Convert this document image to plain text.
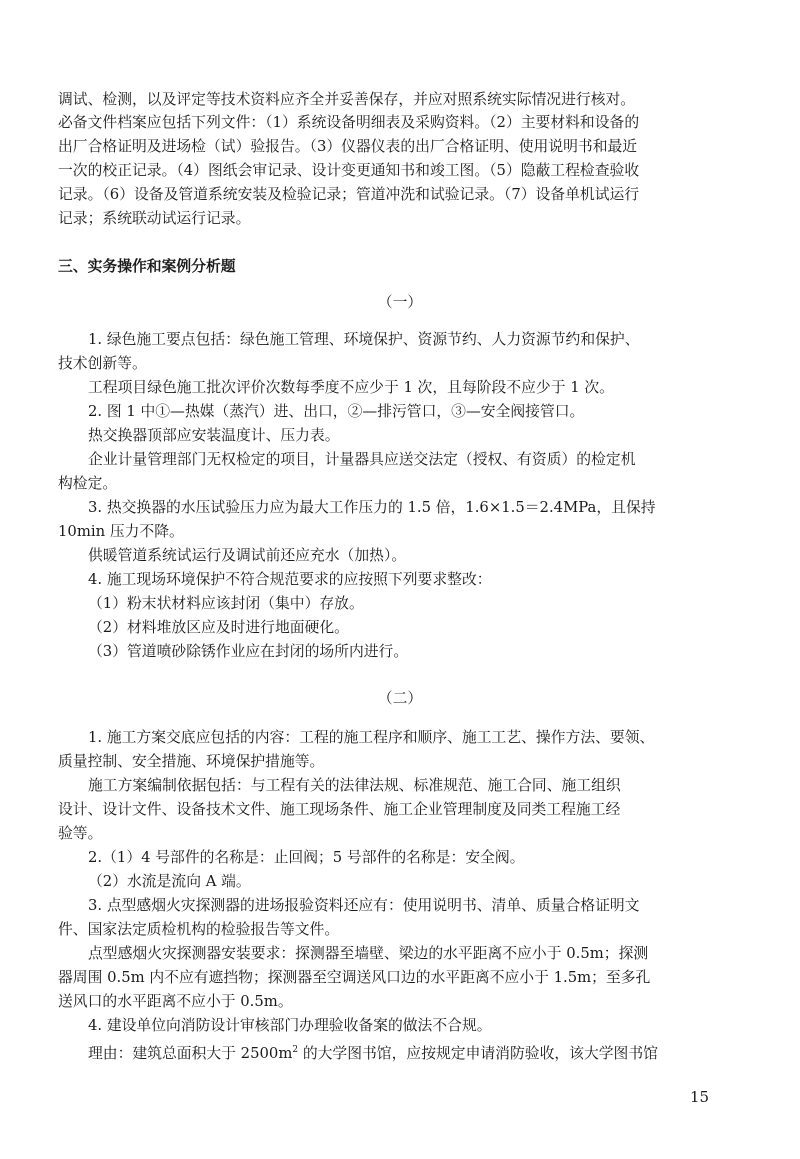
调试、检测，以及评定等技术资料应齐全并妥善保存，并应对照系统实际情况进行核对。
必备文件档案应包括下列文件：（1）系统设备明细表及采购资料。（2）主要材料和设备的
出厂合格证明及进场检（试）验报告。（3）仪器仪表的出厂合格证明、使用说明书和最近
一次的校正记录。（4）图纸会审记录、设计变更通知书和竣工图。（5）隐蔽工程检查验收
记录。（6）设备及管道系统安装及检验记录；管道冲洗和试验记录。（7）设备单机试运行
记录；系统联动试运行记录。
三、实务操作和案例分析题
（一）
1. 绿色施工要点包括：绿色施工管理、环境保护、资源节约、人力资源节约和保护、
技术创新等。
工程项目绿色施工批次评价次数每季度不应少于 1 次，且每阶段不应少于 1 次。
2. 图 1 中①—热媒（蒸汽）进、出口，②—排污管口，③—安全阀接管口。
热交换器顶部应安装温度计、压力表。
企业计量管理部门无权检定的项目，计量器具应送交法定（授权、有资质）的检定机
构检定。
3. 热交换器的水压试验压力应为最大工作压力的 1.5 倍，1.6×1.5＝2.4MPa，且保持
10min 压力不降。
供暖管道系统试运行及调试前还应充水（加热）。
4. 施工现场环境保护不符合规范要求的应按照下列要求整改：
（1）粉末状材料应该封闭（集中）存放。
（2）材料堆放区应及时进行地面硬化。
（3）管道喷砂除锈作业应在封闭的场所内进行。
（二）
1. 施工方案交底应包括的内容：工程的施工程序和顺序、施工工艺、操作方法、要领、
质量控制、安全措施、环境保护措施等。
施工方案编制依据包括：与工程有关的法律法规、标准规范、施工合同、施工组织
设计、设计文件、设备技术文件、施工现场条件、施工企业管理制度及同类工程施工经
验等。
2.（1）4 号部件的名称是：止回阀；5 号部件的名称是：安全阀。
（2）水流是流向 A 端。
3. 点型感烟火灾探测器的进场报验资料还应有：使用说明书、清单、质量合格证明文
件、国家法定质检机构的检验报告等文件。
点型感烟火灾探测器安装要求：探测器至墙壁、梁边的水平距离不应小于 0.5m；探测
器周围 0.5m 内不应有遮挡物；探测器至空调送风口边的水平距离不应小于 1.5m；至多孔
送风口的水平距离不应小于 0.5m。
4. 建设单位向消防设计审核部门办理验收备案的做法不合规。
理由：建筑总面积大于 $2500m^2$ 的大学图书馆，应按规定申请消防验收，该大学图书馆
15
